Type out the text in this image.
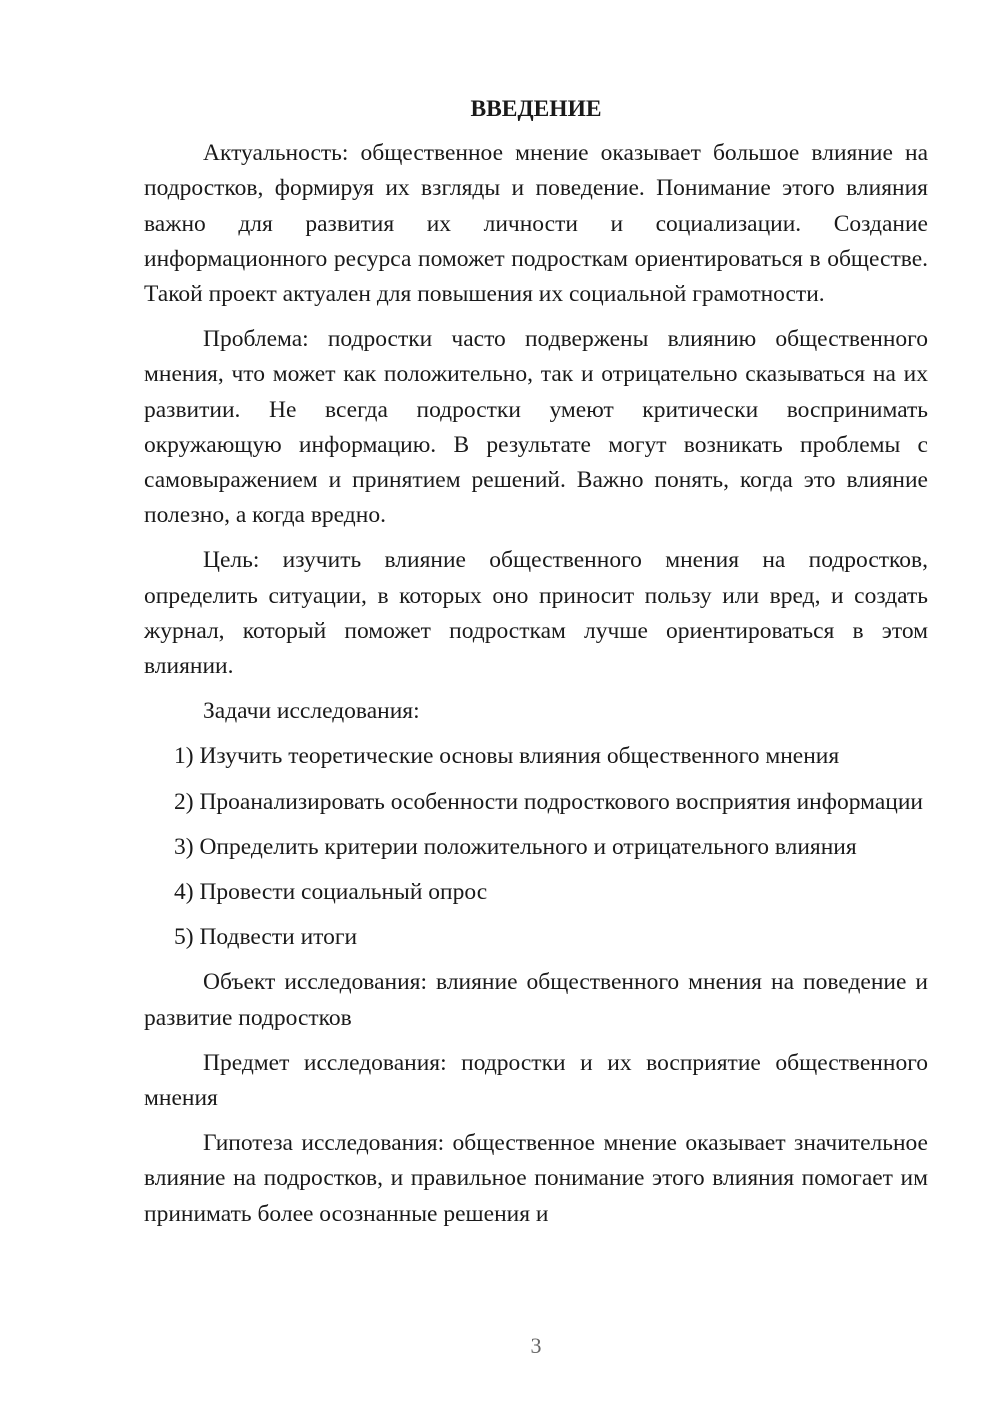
ВВЕДЕНИЕ

Актуальность: общественное мнение оказывает большое влияние на подростков, формируя их взгляды и поведение. Понимание этого влияния важно для развития их личности и социализации. Создание информационного ресурса поможет подросткам ориентироваться в обществе. Такой проект актуален для повышения их социальной грамотности.

Проблема: подростки часто подвержены влиянию общественного мнения, что может как положительно, так и отрицательно сказываться на их развитии. Не всегда подростки умеют критически воспринимать окружающую информацию. В результате могут возникать проблемы с самовыражением и принятием решений. Важно понять, когда это влияние полезно, а когда вредно.

Цель: изучить влияние общественного мнения на подростков, определить ситуации, в которых оно приносит пользу или вред, и создать журнал, который поможет подросткам лучше ориентироваться в этом влиянии.

Задачи исследования:

1) Изучить теоретические основы влияния общественного мнения

2) Проанализировать особенности подросткового восприятия информации

3) Определить критерии положительного и отрицательного влияния

4) Провести социальный опрос

5) Подвести итоги

Объект исследования: влияние общественного мнения на поведение и развитие подростков

Предмет исследования: подростки и их восприятие общественного мнения

Гипотеза исследования: общественное мнение оказывает значительное влияние на подростков, и правильное понимание этого влияния помогает им принимать более осознанные решения и

3
